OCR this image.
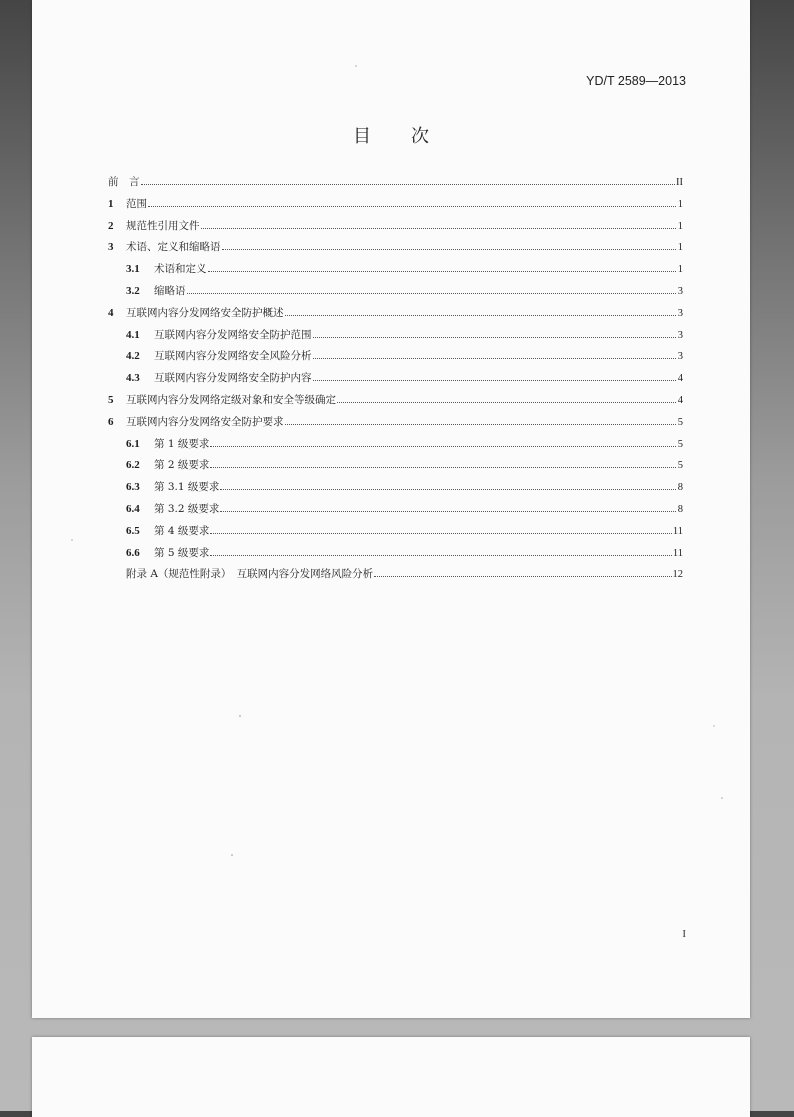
YD/T 2589—2013
目 次
前　言	II
1	范围	1
2	规范性引用文件	1
3	术语、定义和缩略语	1
3.1	术语和定义	1
3.2	缩略语	3
4	互联网内容分发网络安全防护概述	3
4.1	互联网内容分发网络安全防护范围	3
4.2	互联网内容分发网络安全风险分析	3
4.3	互联网内容分发网络安全防护内容	4
5	互联网内容分发网络定级对象和安全等级确定	4
6	互联网内容分发网络安全防护要求	5
6.1	第 1 级要求	5
6.2	第 2 级要求	5
6.3	第 3.1 级要求	8
6.4	第 3.2 级要求	8
6.5	第 4 级要求	11
6.6	第 5 级要求	11
附录 A（规范性附录）　互联网内容分发网络风险分析	12
I
